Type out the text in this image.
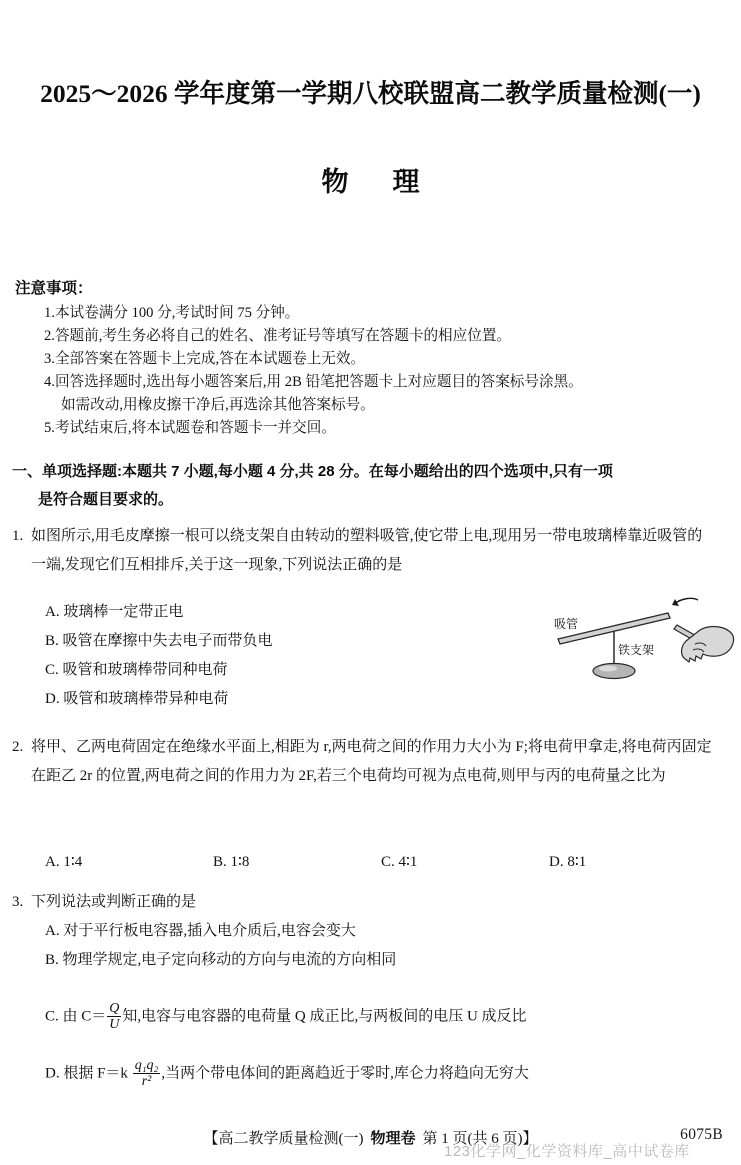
2025～2026 学年度第一学期八校联盟高二教学质量检测(一)
物 理
注意事项：
1.本试卷满分 100 分,考试时间 75 分钟。
2.答题前,考生务必将自己的姓名、准考证号等填写在答题卡的相应位置。
3.全部答案在答题卡上完成,答在本试题卷上无效。
4.回答选择题时,选出每小题答案后,用 2B 铅笔把答题卡上对应题目的答案标号涂黑。
如需改动,用橡皮擦干净后,再选涂其他答案标号。
5.考试结束后,将本试题卷和答题卡一并交回。
一、单项选择题:本题共 7 小题,每小题 4 分,共 28 分。在每小题给出的四个选项中,只有一项
是符合题目要求的。
1. 如图所示,用毛皮摩擦一根可以绕支架自由转动的塑料吸管,使它带上电,现用另一带电玻璃棒靠近吸管的一端,发现它们互相排斥,关于这一现象,下列说法正确的是
A. 玻璃棒一定带正电
B. 吸管在摩擦中失去电子而带负电
C. 吸管和玻璃棒带同种电荷
D. 吸管和玻璃棒带异种电荷
吸管
铁支架
2. 将甲、乙两电荷固定在绝缘水平面上,相距为 r,两电荷之间的作用力大小为 F;将电荷甲拿走,将电荷丙固定在距乙 2r 的位置,两电荷之间的作用力为 2F,若三个电荷均可视为点电荷,则甲与丙的电荷量之比为
A. 1∶4	B. 1∶8	C. 4∶1	D. 8∶1
3. 下列说法或判断正确的是
A. 对于平行板电容器,插入电介质后,电容会变大
B. 物理学规定,电子定向移动的方向与电流的方向相同
C. 由 $C= \frac{Q}{U}$ 知,电容与电容器的电荷量 Q 成正比,与两板间的电压 U 成反比
D. 根据 $F=k \frac{\text{q₁q₂}}{\text{r²}}$ ,当两个带电体间的距离趋近于零时,库仑力将趋向无穷大
【高二教学质量检测(一) 物理卷 第 1 页(共 6 页)】	6075B
123化学网_化学资料库_高中试卷库
